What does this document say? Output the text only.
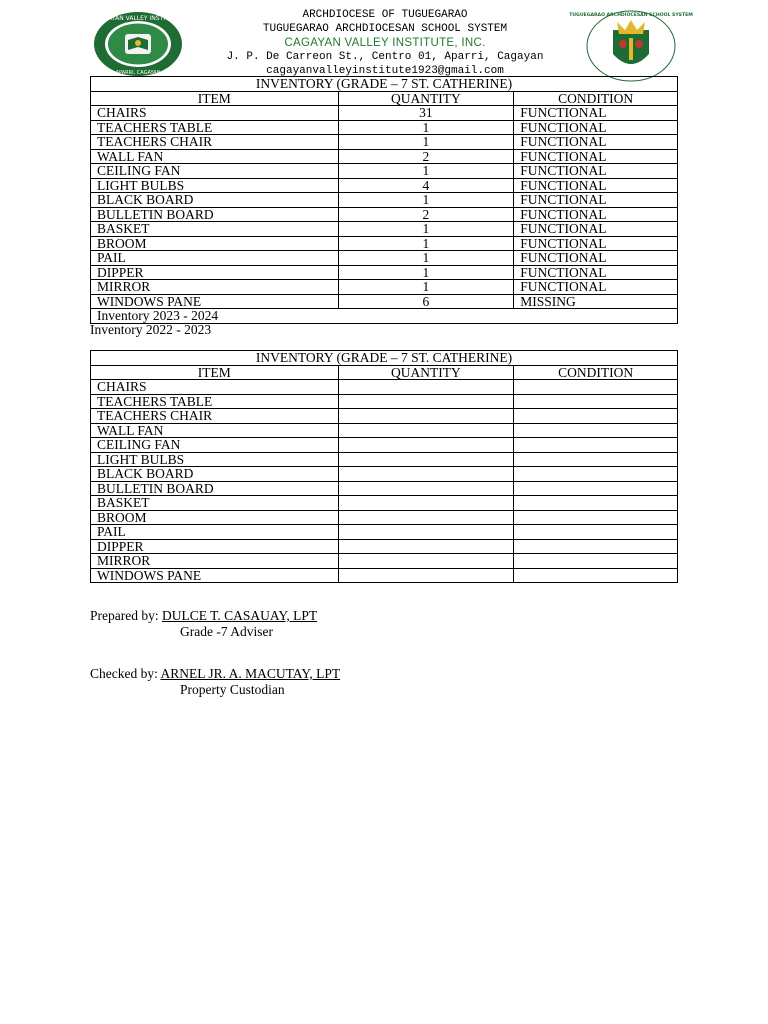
CAGAYAN VALLEY INSTITUTE
APARRI, CAGAYAN
ARCHDIOCESE OF TUGUEGARAO
TUGUEGARAO ARCHDIOCESAN SCHOOL SYSTEM
CAGAYAN VALLEY INSTITUTE, INC.
J. P. De Carreon St., Centro 01, Aparri, Cagayan
cagayanvalleyinstitute1923@gmail.com
TUGUEGARAO ARCHDIOCESAN SCHOOL SYSTEM
INVENTORY (GRADE – 7 ST. CATHERINE)		
ITEM	QUANTITY	CONDITION
CHAIRS	31	FUNCTIONAL
TEACHERS TABLE	1	FUNCTIONAL
TEACHERS CHAIR	1	FUNCTIONAL
WALL FAN	2	FUNCTIONAL
CEILING FAN	1	FUNCTIONAL
LIGHT BULBS	4	FUNCTIONAL
BLACK BOARD	1	FUNCTIONAL
BULLETIN BOARD	2	FUNCTIONAL
BASKET	1	FUNCTIONAL
BROOM	1	FUNCTIONAL
PAIL	1	FUNCTIONAL
DIPPER	1	FUNCTIONAL
MIRROR	1	FUNCTIONAL
WINDOWS PANE	6	MISSING
Inventory 2023 - 2024		
Inventory 2022 - 2023
INVENTORY (GRADE – 7 ST. CATHERINE)		
ITEM	QUANTITY	CONDITION
CHAIRS		
TEACHERS TABLE		
TEACHERS CHAIR		
WALL FAN		
CEILING FAN		
LIGHT BULBS		
BLACK BOARD		
BULLETIN BOARD		
BASKET		
BROOM		
PAIL		
DIPPER		
MIRROR		
WINDOWS PANE		
Prepared by: DULCE T. CASAUAY, LPT
Grade -7 Adviser
Checked by: ARNEL JR. A. MACUTAY, LPT
Property Custodian
